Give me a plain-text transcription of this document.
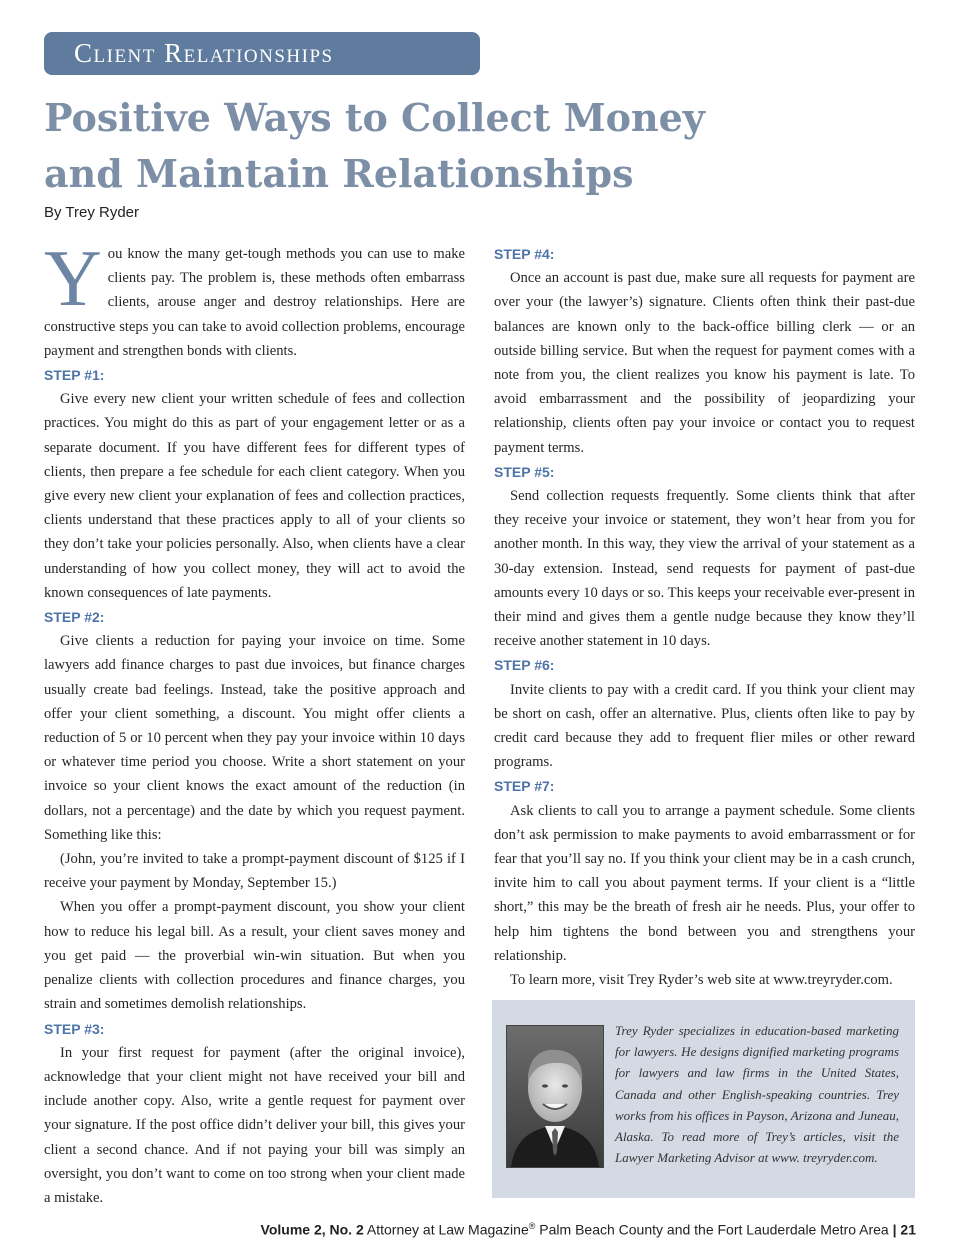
Client Relationships
Positive Ways to Collect Money and Maintain Relationships
By Trey Ryder

You know the many get-tough methods you can use to make clients pay. The problem is, these methods often embarrass clients, arouse anger and destroy relationships. Here are constructive steps you can take to avoid collection problems, encourage payment and strengthen bonds with clients.

STEP #1:

Give every new client your written schedule of fees and collection practices. You might do this as part of your engagement letter or as a separate document. If you have different fees for different types of clients, then prepare a fee schedule for each client category. When you give every new client your explanation of fees and collection practices, clients understand that these practices apply to all of your clients so they don’t take your policies personally. Also, when clients have a clear understanding of how you collect money, they will act to avoid the known consequences of late payments.

STEP #2:

Give clients a reduction for paying your invoice on time. Some lawyers add finance charges to past due invoices, but finance charges usually create bad feelings. Instead, take the positive approach and offer your client something, a discount. You might offer clients a reduction of 5 or 10 percent when they pay your invoice within 10 days or whatever time period you choose. Write a short statement on your invoice so your client knows the exact amount of the reduction (in dollars, not a percentage) and the date by which you request payment. Something like this:

(John, you’re invited to take a prompt-payment discount of $125 if I receive your payment by Monday, September 15.)

When you offer a prompt-payment discount, you show your client how to reduce his legal bill. As a result, your client saves money and you get paid — the proverbial win-win situation. But when you penalize clients with collection procedures and finance charges, you strain and sometimes demolish relationships.

STEP #3:

In your first request for payment (after the original invoice), acknowledge that your client might not have received your bill and include another copy. Also, write a gentle request for payment over your signature. If the post office didn’t deliver your bill, this gives your client a second chance. And if not paying your bill was simply an oversight, you don’t want to come on too strong when your client made a mistake.

STEP #4:

Once an account is past due, make sure all requests for payment are over your (the lawyer’s) signature. Clients often think their past-due balances are known only to the back-office billing clerk — or an outside billing service. But when the request for payment comes with a note from you, the client realizes you know his payment is late. To avoid embarrassment and the possibility of jeopardizing your relationship, clients often pay your invoice or contact you to request payment terms.

STEP #5:

Send collection requests frequently. Some clients think that after they receive your invoice or statement, they won’t hear from you for another month. In this way, they view the arrival of your statement as a 30-day extension. Instead, send requests for payment of past-due amounts every 10 days or so. This keeps your receivable ever-present in their mind and gives them a gentle nudge because they know they’ll receive another statement in 10 days.

STEP #6:

Invite clients to pay with a credit card. If you think your client may be short on cash, offer an alternative. Plus, clients often like to pay by credit card because they add to frequent flier miles or other reward programs.

STEP #7:

Ask clients to call you to arrange a payment schedule. Some clients don’t ask permission to make payments to avoid embarrassment or for fear that you’ll say no. If you think your client may be in a cash crunch, invite him to call you about payment terms. If your client is a “little short,” this may be the breath of fresh air he needs. Plus, your offer to help him tightens the bond between you and strengthens your relationship.

To learn more, visit Trey Ryder’s web site at www.treyryder.com.

Trey Ryder specializes in education-based marketing for lawyers. He designs dignified marketing programs for lawyers and law firms in the United States, Canada and other English-speaking countries. Trey works from his offices in Payson, Arizona and Juneau, Alaska. To read more of Trey’s articles, visit the Lawyer Marketing Advisor at www. treyryder.com.
Volume 2, No. 2 Attorney at Law Magazine® Palm Beach County and the Fort Lauderdale Metro Area | 21
